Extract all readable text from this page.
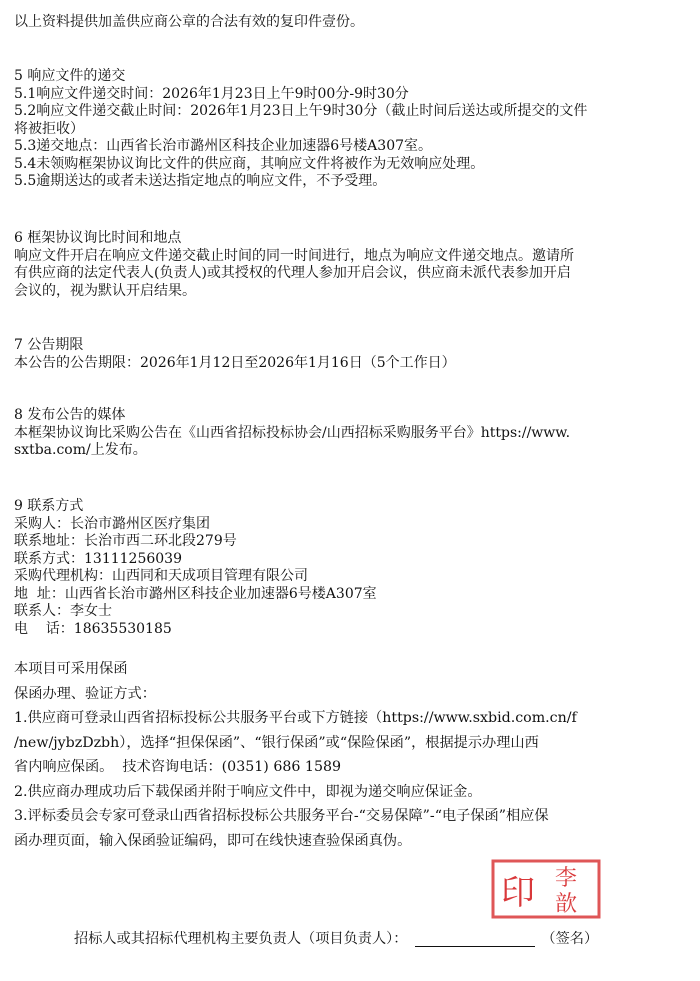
以上资料提供加盖供应商公章的合法有效的复印件壹份。
5 响应文件的递交
5.1响应文件递交时间：2026年1月23日上午9时00分-9时30分
5.2响应文件递交截止时间：2026年1月23日上午9时30分（截止时间后送达或所提交的文件
将被拒收）
5.3递交地点：山西省长治市潞州区科技企业加速器6号楼A307室。
5.4未领购框架协议询比文件的供应商，其响应文件将被作为无效响应处理。
5.5逾期送达的或者未送达指定地点的响应文件，不予受理。
6 框架协议询比时间和地点
响应文件开启在响应文件递交截止时间的同一时间进行，地点为响应文件递交地点。邀请所
有供应商的法定代表人(负责人)或其授权的代理人参加开启会议，供应商未派代表参加开启
会议的，视为默认开启结果。
7 公告期限
本公告的公告期限：2026年1月12日至2026年1月16日（5个工作日）
8 发布公告的媒体
本框架协议询比采购公告在《山西省招标投标协会/山西招标采购服务平台》https://www.
sxtba.com/上发布。
9 联系方式
采购人：长治市潞州区医疗集团
联系地址：长治市西二环北段279号
联系方式：13111256039
采购代理机构：山西同和天成项目管理有限公司
地  址：山西省长治市潞州区科技企业加速器6号楼A307室
联系人：李女士
电    话：18635530185
本项目可采用保函
保函办理、验证方式：
1.供应商可登录山西省招标投标公共服务平台或下方链接（https://www.sxbid.com.cn/f
/new/jybzDzbh），选择“担保保函”、“银行保函”或“保险保函”，根据提示办理山西
省内响应保函。  技术咨询电话：(0351) 686 1589
2.供应商办理成功后下载保函并附于响应文件中，即视为递交响应保证金。
3.评标委员会专家可登录山西省招标投标公共服务平台-“交易保障”-“电子保函”相应保
函办理页面，输入保函验证编码，即可在线快速查验保函真伪。
印 李
歆
招标人或其招标代理机构主要负责人（项目负责人）：	（签名）
